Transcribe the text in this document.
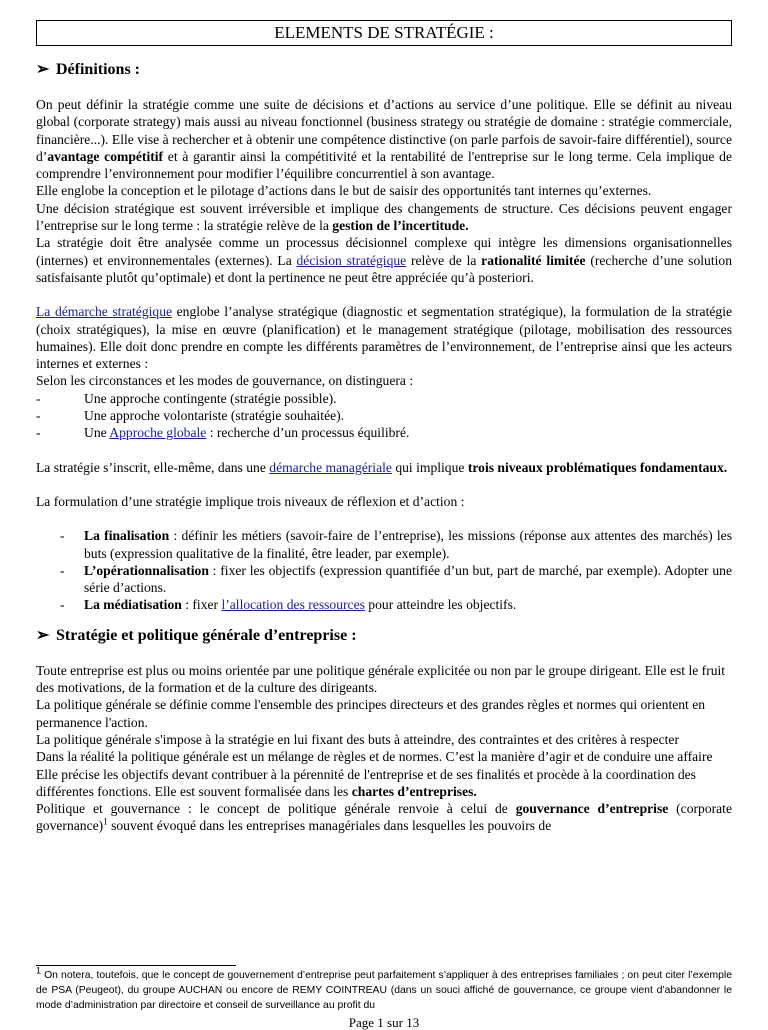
ELEMENTS DE STRATÉGIE :
➢ Définitions :

On peut définir la stratégie comme une suite de décisions et d’actions au service d’une politique. Elle se définit au niveau global (corporate strategy) mais aussi au niveau fonctionnel (business strategy ou stratégie de domaine : stratégie commerciale, financière...). Elle vise à rechercher et à obtenir une compétence distinctive (on parle parfois de savoir-faire différentiel), source d’avantage compétitif et à garantir ainsi la compétitivité et la rentabilité de l'entreprise sur le long terme. Cela implique de comprendre l’environnement pour modifier l’équilibre concurrentiel à son avantage.

Elle englobe la conception et le pilotage d’actions dans le but de saisir des opportunités tant internes qu’externes.

Une décision stratégique est souvent irréversible et implique des changements de structure. Ces décisions peuvent engager l’entreprise sur le long terme : la stratégie relève de la gestion de l’incertitude.

La stratégie doit être analysée comme un processus décisionnel complexe qui intègre les dimensions organisationnelles (internes) et environnementales (externes). La décision stratégique relève de la rationalité limitée (recherche d’une solution satisfaisante plutôt qu’optimale) et dont la pertinence ne peut être appréciée qu’à posteriori.

La démarche stratégique englobe l’analyse stratégique (diagnostic et segmentation stratégique), la formulation de la stratégie (choix stratégiques), la mise en œuvre (planification) et le management stratégique (pilotage, mobilisation des ressources humaines). Elle doit donc prendre en compte les différents paramètres de l’environnement, de l’entreprise ainsi que les acteurs internes et externes :

Selon les circonstances et les modes de gouvernance, on distinguera :

-	Une approche contingente (stratégie possible).
-	Une approche volontariste (stratégie souhaitée).
-	Une Approche globale : recherche d’un processus équilibré.

La stratégie s’inscrit, elle-même, dans une démarche managériale qui implique trois niveaux problématiques fondamentaux.

La formulation d’une stratégie implique trois niveaux de réflexion et d’action :

-	La finalisation : définir les métiers (savoir-faire de l’entreprise), les missions (réponse aux attentes des marchés) les buts (expression qualitative de la finalité, être leader, par exemple).
-	L’opérationnalisation : fixer les objectifs (expression quantifiée d’un but, part de marché, par exemple). Adopter une série d’actions.
-	La médiatisation : fixer l’allocation des ressources pour atteindre les objectifs.
➢ Stratégie et politique générale d’entreprise :

Toute entreprise est plus ou moins orientée par une politique générale explicitée ou non par le groupe dirigeant. Elle est le fruit des motivations, de la formation et de la culture des dirigeants.

La politique générale se définie comme l'ensemble des principes directeurs et des grandes règles et normes qui orientent en permanence l'action.

La politique générale s'impose à la stratégie en lui fixant des buts à atteindre, des contraintes et des critères à respecter

Dans la réalité la politique générale est un mélange de règles et de normes. C’est la manière d’agir et de conduire une affaire Elle précise les objectifs devant contribuer à la pérennité de l'entreprise et de ses finalités et procède à la coordination des différentes fonctions. Elle est souvent formalisée dans les chartes d’entreprises.

Politique et gouvernance : le concept de politique générale renvoie à celui de gouvernance d’entreprise (corporate governance)$^1$ souvent évoqué dans les entreprises managériales dans lesquelles les pouvoirs de

1 On notera, toutefois, que le concept de gouvernement d’entreprise peut parfaitement s’appliquer à des entreprises familiales ; on peut citer l’exemple de PSA (Peugeot), du groupe AUCHAN ou encore de REMY COINTREAU (dans un souci affiché de gouvernance, ce groupe vient d’abandonner le mode d’administration par directoire et conseil de surveillance au profit du
Page 1 sur 13
